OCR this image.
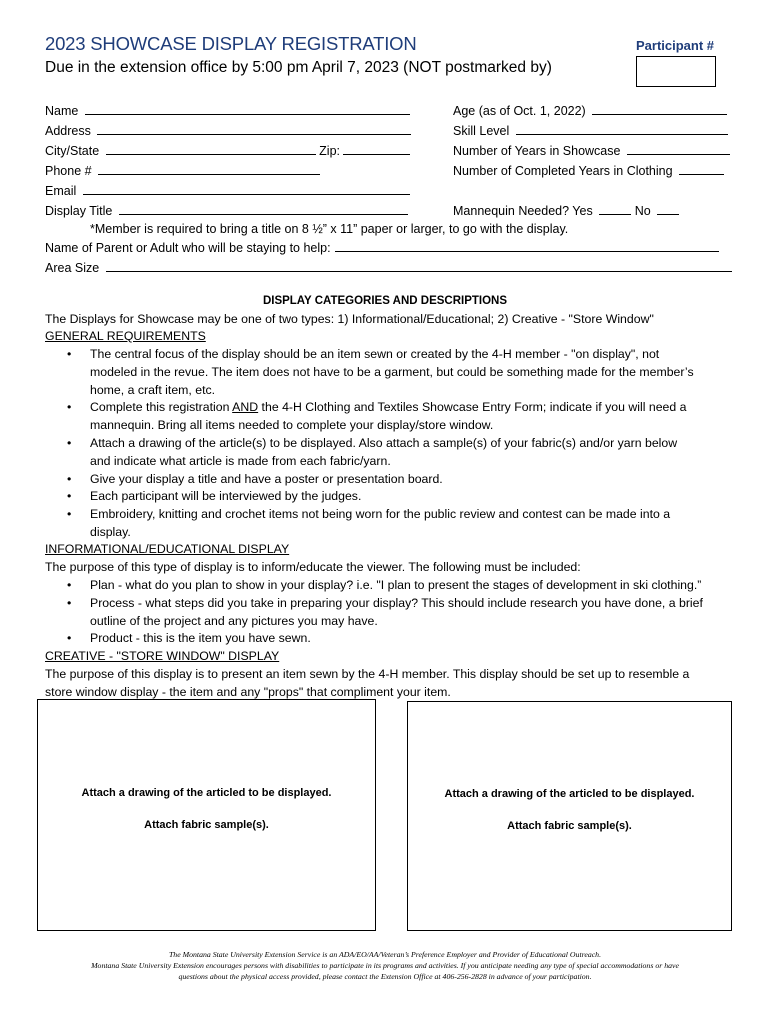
2023 SHOWCASE DISPLAY REGISTRATION
Due in the extension office by 5:00 pm April 7, 2023 (NOT postmarked by)
Participant #
Name
Address
City/State	Zip:
Phone #
Email
Display Title
Age (as of Oct. 1, 2022)
Skill Level
Number of Years in Showcase
Number of Completed Years in Clothing
Mannequin Needed? Yes	No
*Member is required to bring a title on 8 ½” x 11” paper or larger, to go with the display.
Name of Parent or Adult who will be staying to help:
Area Size
DISPLAY CATEGORIES AND DESCRIPTIONS
The Displays for Showcase may be one of two types: 1) Informational/Educational; 2) Creative - "Store Window"
GENERAL REQUIREMENTS
• The central focus of the display should be an item sewn or created by the 4-H member - "on display", not
modeled in the revue. The item does not have to be a garment, but could be something made for the member’s
home, a craft item, etc.
• Complete this registration AND the 4-H Clothing and Textiles Showcase Entry Form; indicate if you will need a
mannequin. Bring all items needed to complete your display/store window.
• Attach a drawing of the article(s) to be displayed. Also attach a sample(s) of your fabric(s) and/or yarn below
and indicate what article is made from each fabric/yarn.
• Give your display a title and have a poster or presentation board.
• Each participant will be interviewed by the judges.
• Embroidery, knitting and crochet items not being worn for the public review and contest can be made into a
display.
INFORMATIONAL/EDUCATIONAL DISPLAY
The purpose of this type of display is to inform/educate the viewer. The following must be included:
• Plan - what do you plan to show in your display? i.e. "I plan to present the stages of development in ski clothing.”
• Process - what steps did you take in preparing your display? This should include research you have done, a brief
outline of the project and any pictures you may have.
• Product - this is the item you have sewn.
CREATIVE - "STORE WINDOW" DISPLAY
The purpose of this display is to present an item sewn by the 4-H member. This display should be set up to resemble a
store window display - the item and any "props" that compliment your item.
Attach a drawing of the articled to be displayed.
Attach fabric sample(s).
Attach a drawing of the articled to be displayed.
Attach fabric sample(s).
The Montana State University Extension Service is an ADA/EO/AA/Veteran’s Preference Employer and Provider of Educational Outreach.
Montana State University Extension encourages persons with disabilities to participate in its programs and activities. If you anticipate needing any type of special accommodations or have
questions about the physical access provided, please contact the Extension Office at 406-256-2828 in advance of your participation.
